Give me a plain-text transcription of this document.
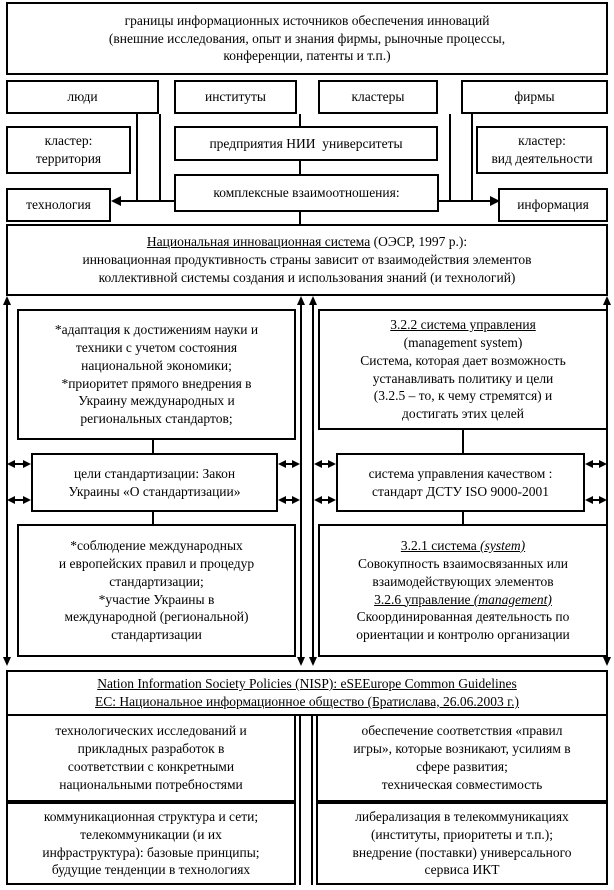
границы информационных источников обеспечения инноваций
(внешние исследования, опыт и знания фирмы, рыночные процессы,
конференции, патенты и т.п.)
люди	институты	кластеры	фирмы
кластер:
территория
предприятия НИИ  университеты	кластер:
вид деятельности
технология
комплексные взаимоотношения:
информация
Национальная инновационная система (ОЭСР, 1997 р.):
инновационная продуктивность страны зависит от взаимодействия элементов
коллективной системы создания и использования знаний (и технологий)
*адаптация к достижениям науки и
техники с учетом состояния
национальной экономики;
*приоритет прямого внедрения в
Украину международных и
региональных стандартов;
3.2.2 система управления
(management system)
Система, которая дает возможность
устанавливать политику и цели
(3.2.5 – то, к чему стремятся) и
достигать этих целей
цели стандартизации: Закон
Украины «О стандартизации»
система управления качеством :
стандарт ДСТУ ISO 9000-2001
*соблюдение международных
и европейских правил и процедур
стандартизации;
*участие Украины в
международной (региональной)
стандартизации
3.2.1 система (system)
Совокупность взаимосвязанных или
взаимодействующих элементов
3.2.6 управление (management)
Скоординированная деятельность по
ориентации и контролю организации
Nation Information Society Policies (NISP): eSEEurope Common Guidelines
ЕС: Национальное информационное общество (Братислава, 26.06.2003 г.)
технологических исследований и
прикладных разработок в
соответствии с конкретными
национальными потребностями
обеспечение соответствия «правил
игры», которые возникают, усилиям в
сфере развития;
техническая совместимость
коммуникационная структура и сети;
телекоммуникации (и их
инфраструктура): базовые принципы;
будущие тенденции в технологиях
либерализация в телекоммуникациях
(институты, приоритеты и т.п.);
внедрение (поставки) универсального
сервиса ИКТ
